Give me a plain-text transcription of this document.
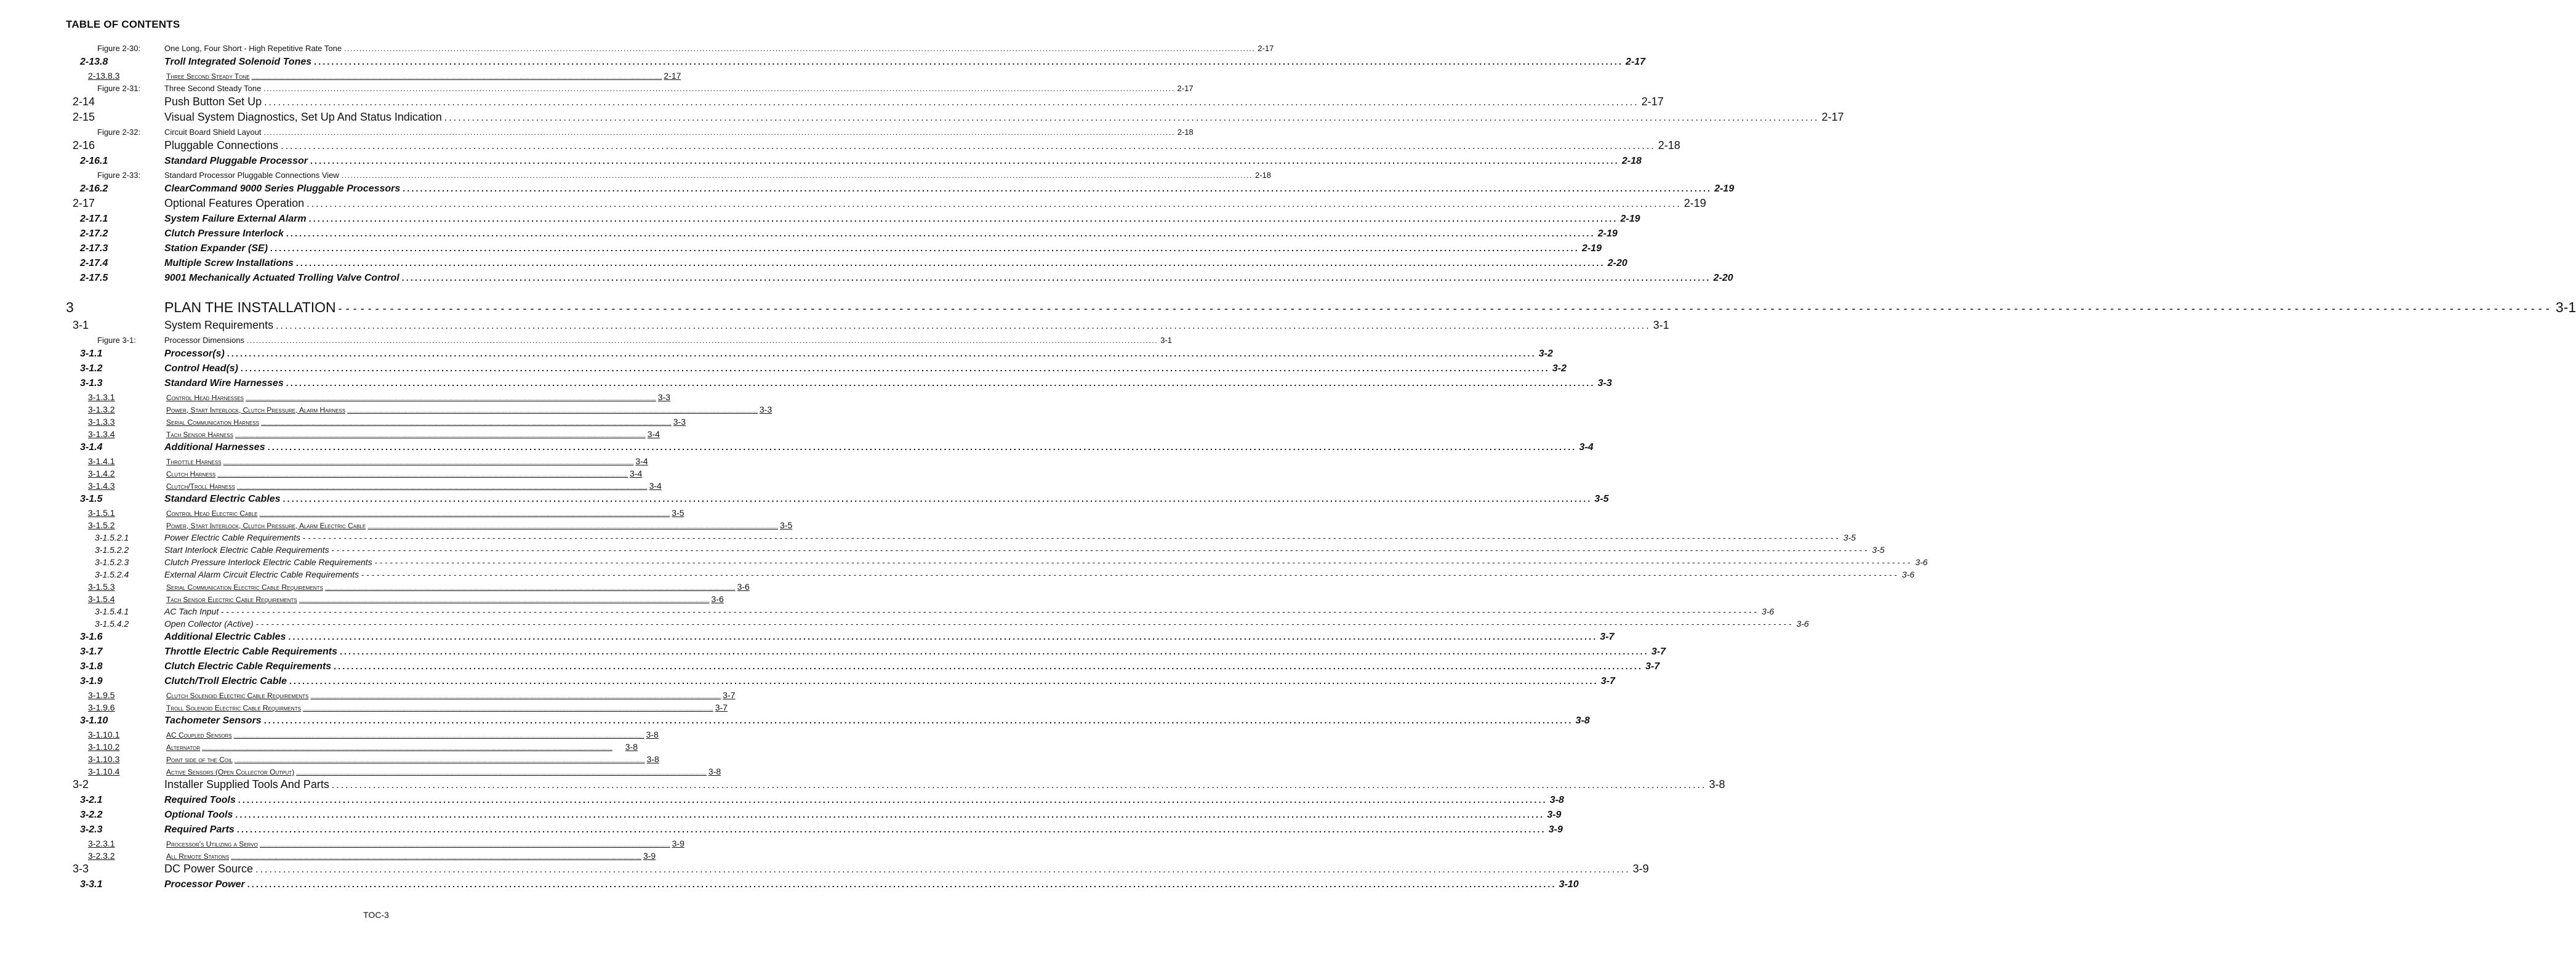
TABLE OF CONTENTS
Figure 2-30:	One Long, Four Short - High Repetitive Rate Tone ............................................................................................................................................................................................................................................................................................................ 2-17
2-13.8	Troll Integrated Solenoid Tones ............................................................................................................................................................................................................................................................................................................ 2-17
2-13.8.3	Three Second Steady Tone ............................................................................................................................................................................................................................................................................................................ 2-17
Figure 2-31:	Three Second Steady Tone ............................................................................................................................................................................................................................................................................................................ 2-17
2-14	Push Button Set Up ............................................................................................................................................................................................................................................................................................................ 2-17
2-15	Visual System Diagnostics, Set Up And Status Indication ............................................................................................................................................................................................................................................................................................................ 2-17
Figure 2-32:	Circuit Board Shield Layout ............................................................................................................................................................................................................................................................................................................ 2-18
2-16	Pluggable Connections ............................................................................................................................................................................................................................................................................................................ 2-18
2-16.1	Standard Pluggable Processor ............................................................................................................................................................................................................................................................................................................ 2-18
Figure 2-33:	Standard Processor Pluggable Connections View ............................................................................................................................................................................................................................................................................................................ 2-18
2-16.2	ClearCommand 9000 Series Pluggable Processors ............................................................................................................................................................................................................................................................................................................ 2-19
2-17	Optional Features Operation ............................................................................................................................................................................................................................................................................................................ 2-19
2-17.1	System Failure External Alarm ............................................................................................................................................................................................................................................................................................................ 2-19
2-17.2	Clutch Pressure Interlock ............................................................................................................................................................................................................................................................................................................ 2-19
2-17.3	Station Expander (SE) ............................................................................................................................................................................................................................................................................................................ 2-19
2-17.4	Multiple Screw Installations ............................................................................................................................................................................................................................................................................................................ 2-20
2-17.5	9001 Mechanically Actuated Trolling Valve Control ............................................................................................................................................................................................................................................................................................................ 2-20
3	PLAN THE INSTALLATION ------------------------------------------------------------------------------------------------------------------------------------------------------------------------------------------------------------------------------------------------------------------------------------------------------------ 3-1
3-1	System Requirements ............................................................................................................................................................................................................................................................................................................ 3-1
Figure 3-1:	Processor Dimensions ............................................................................................................................................................................................................................................................................................................ 3-1
3-1.1	Processor(s) ............................................................................................................................................................................................................................................................................................................ 3-2
3-1.2	Control Head(s) ............................................................................................................................................................................................................................................................................................................ 3-2
3-1.3	Standard Wire Harnesses ............................................................................................................................................................................................................................................................................................................ 3-3
3-1.3.1	Control Head Harnesses ............................................................................................................................................................................................................................................................................................................ 3-3
3-1.3.2	Power, Start Interlock, Clutch Pressure, Alarm Harness ............................................................................................................................................................................................................................................................................................................ 3-3
3-1.3.3	Serial Communication Harness ............................................................................................................................................................................................................................................................................................................ 3-3
3-1.3.4	Tach Sensor Harness ............................................................................................................................................................................................................................................................................................................ 3-4
3-1.4	Additional Harnesses ............................................................................................................................................................................................................................................................................................................ 3-4
3-1.4.1	Throttle Harness ............................................................................................................................................................................................................................................................................................................ 3-4
3-1.4.2	Clutch Harness ............................................................................................................................................................................................................................................................................................................ 3-4
3-1.4.3	Clutch/Troll Harness ............................................................................................................................................................................................................................................................................................................ 3-4
3-1.5	Standard Electric Cables ............................................................................................................................................................................................................................................................................................................ 3-5
3-1.5.1	Control Head Electric Cable ............................................................................................................................................................................................................................................................................................................ 3-5
3-1.5.2	Power, Start Interlock, Clutch Pressure, Alarm Electric Cable ............................................................................................................................................................................................................................................................................................................ 3-5
3-1.5.2.1	Power Electric Cable Requirements ------------------------------------------------------------------------------------------------------------------------------------------------------------------------------------------------------------------------------------------------------------------------------------------------------------ 3-5
3-1.5.2.2	Start Interlock Electric Cable Requirements ------------------------------------------------------------------------------------------------------------------------------------------------------------------------------------------------------------------------------------------------------------------------------------------------------------ 3-5
3-1.5.2.3	Clutch Pressure Interlock Electric Cable Requirements ------------------------------------------------------------------------------------------------------------------------------------------------------------------------------------------------------------------------------------------------------------------------------------------------------------ 3-6
3-1.5.2.4	External Alarm Circuit Electric Cable Requirements ------------------------------------------------------------------------------------------------------------------------------------------------------------------------------------------------------------------------------------------------------------------------------------------------------------ 3-6
3-1.5.3	Serial Communication Electric Cable Requirements ............................................................................................................................................................................................................................................................................................................ 3-6
3-1.5.4	Tach Sensor Electric Cable Requirements ............................................................................................................................................................................................................................................................................................................ 3-6
3-1.5.4.1	AC Tach Input ------------------------------------------------------------------------------------------------------------------------------------------------------------------------------------------------------------------------------------------------------------------------------------------------------------ 3-6
3-1.5.4.2	Open Collector (Active) ------------------------------------------------------------------------------------------------------------------------------------------------------------------------------------------------------------------------------------------------------------------------------------------------------------ 3-6
3-1.6	Additional Electric Cables ............................................................................................................................................................................................................................................................................................................ 3-7
3-1.7	Throttle Electric Cable Requirements ............................................................................................................................................................................................................................................................................................................ 3-7
3-1.8	Clutch Electric Cable Requirements ............................................................................................................................................................................................................................................................................................................ 3-7
3-1.9	Clutch/Troll Electric Cable ............................................................................................................................................................................................................................................................................................................ 3-7
3-1.9.5	Clutch Solenoid Electric Cable Requirements ............................................................................................................................................................................................................................................................................................................ 3-7
3-1.9.6	Troll Solenoid Electric Cable Requirments ............................................................................................................................................................................................................................................................................................................ 3-7
3-1.10	Tachometer Sensors ............................................................................................................................................................................................................................................................................................................ 3-8
3-1.10.1	AC Coupled Sensors ............................................................................................................................................................................................................................................................................................................ 3-8
3-1.10.2	Alternator ............................................................................................................................................................................................................................................................................................................	3-8
3-1.10.3	Point side of the Coil ............................................................................................................................................................................................................................................................................................................ 3-8
3-1.10.4	Active Sensors (Open Collector Output) ............................................................................................................................................................................................................................................................................................................ 3-8
3-2	Installer Supplied Tools And Parts ............................................................................................................................................................................................................................................................................................................ 3-8
3-2.1	Required Tools ............................................................................................................................................................................................................................................................................................................ 3-8
3-2.2	Optional Tools ............................................................................................................................................................................................................................................................................................................ 3-9
3-2.3	Required Parts ............................................................................................................................................................................................................................................................................................................ 3-9
3-2.3.1	Processor's Utilizing a Servo ............................................................................................................................................................................................................................................................................................................ 3-9
3-2.3.2	All Remote Stations ............................................................................................................................................................................................................................................................................................................ 3-9
3-3	DC Power Source ............................................................................................................................................................................................................................................................................................................ 3-9
3-3.1	Processor Power ............................................................................................................................................................................................................................................................................................................ 3-10
TOC-3
